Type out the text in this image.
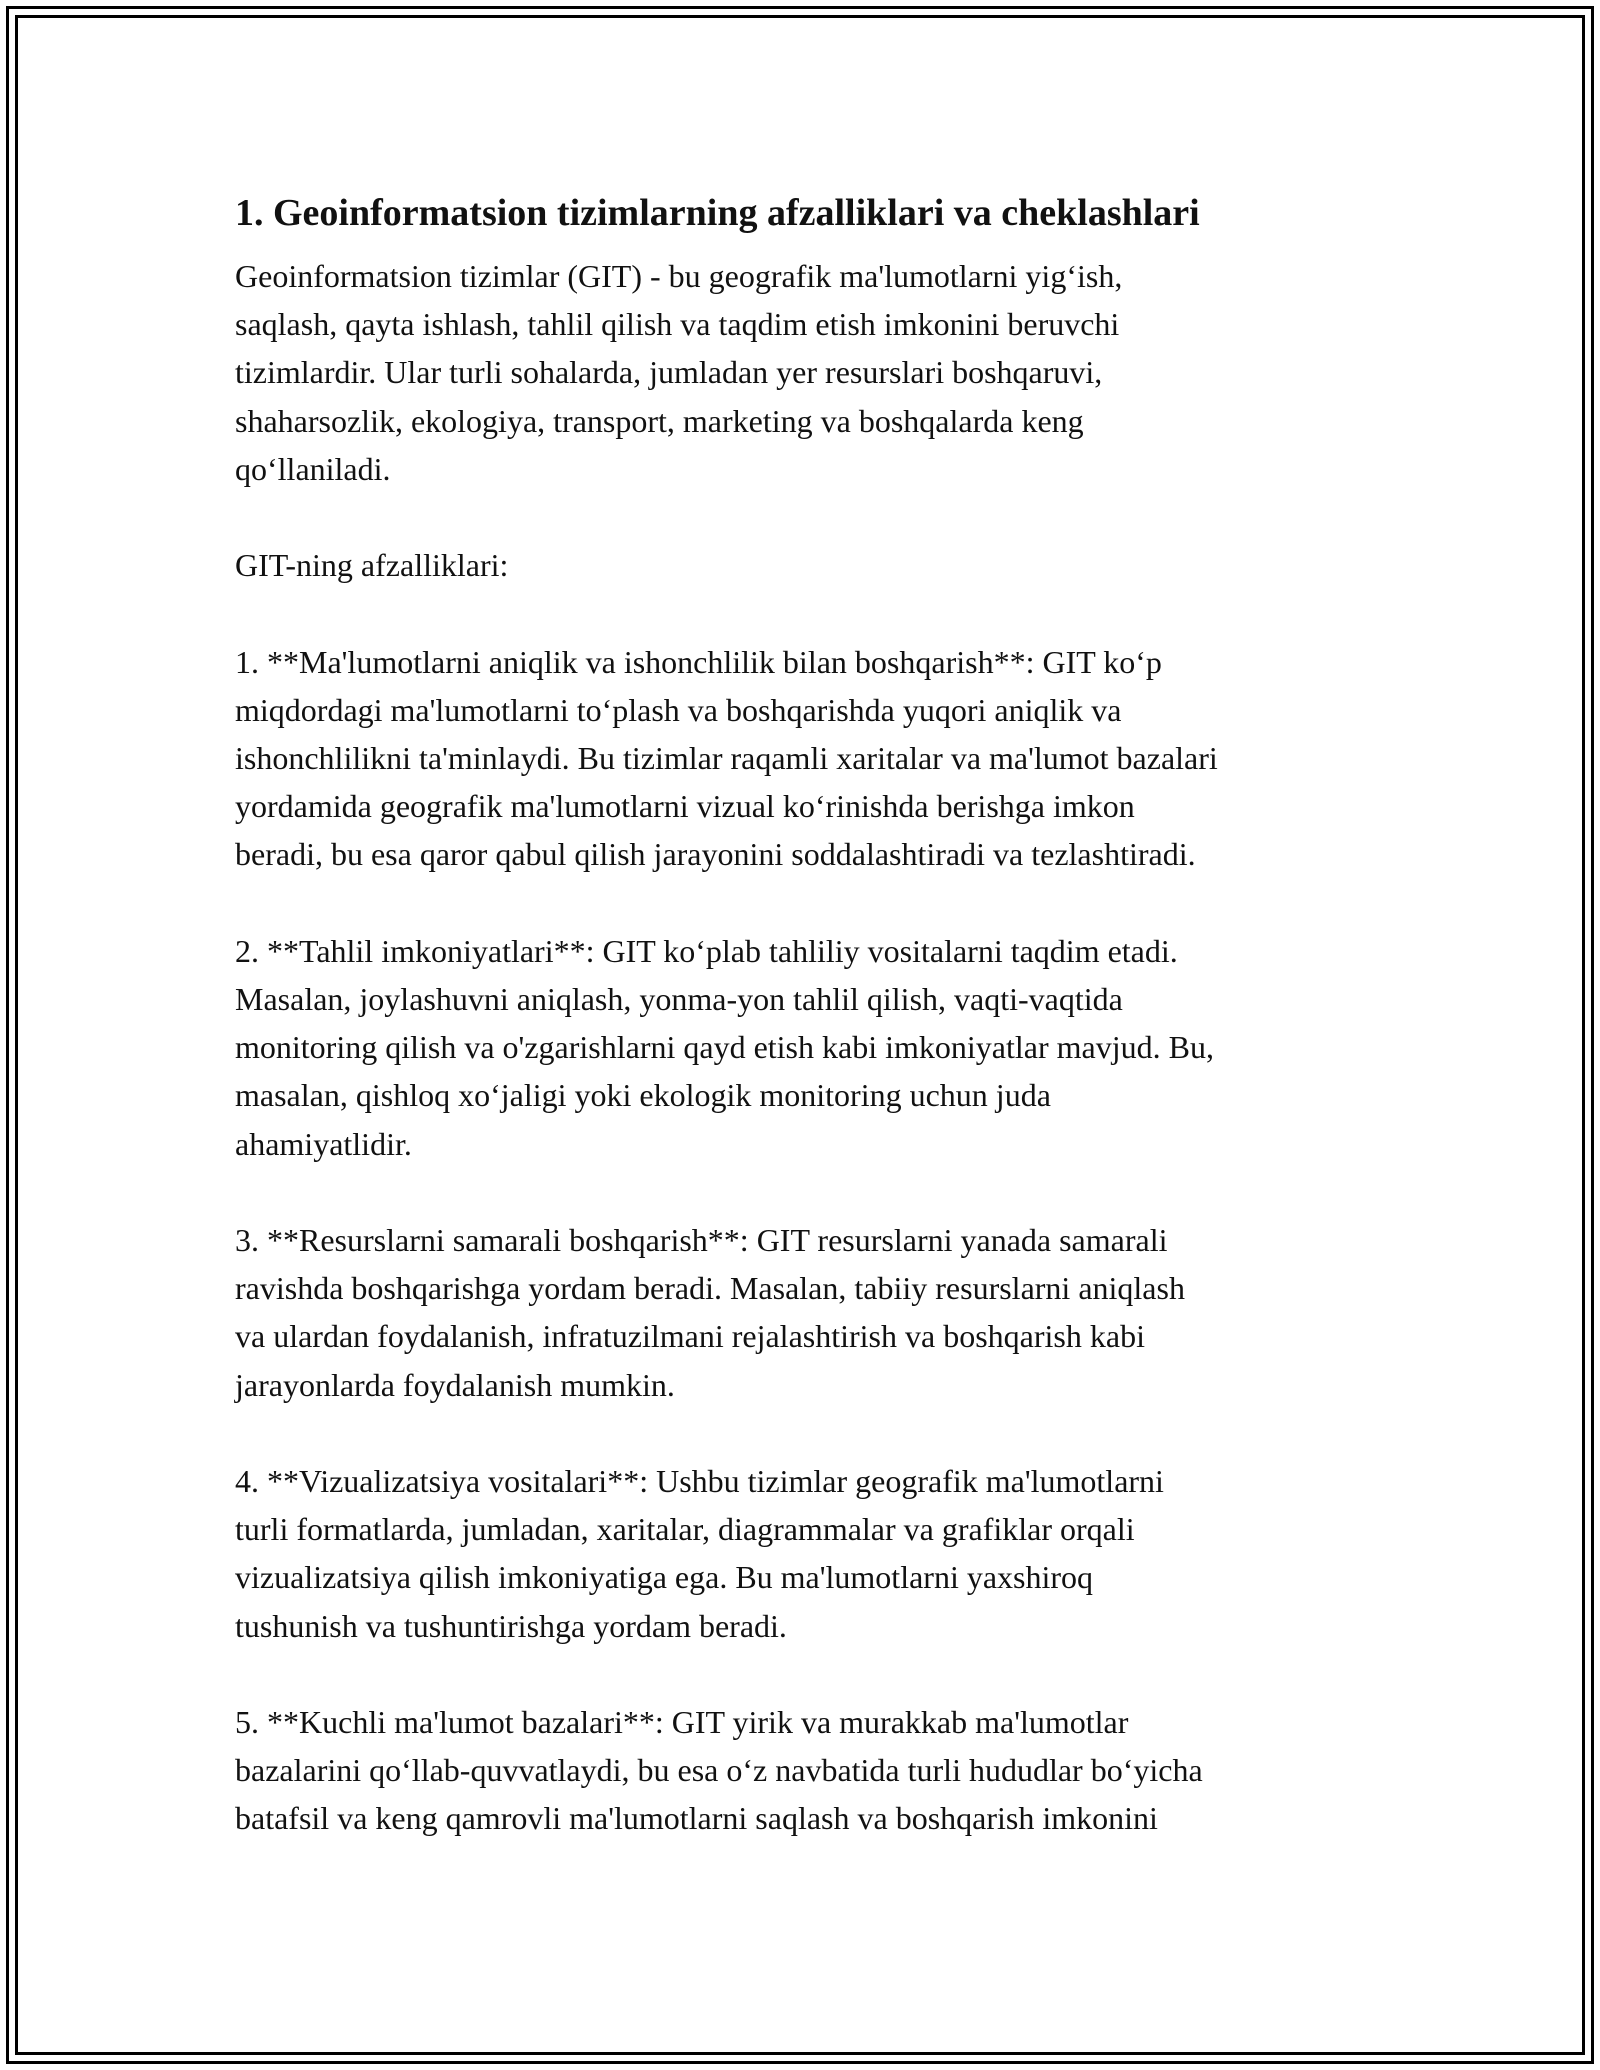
1. Geoinformatsion tizimlarning afzalliklari va cheklashlari

Geoinformatsion tizimlar (GIT) - bu geografik ma'lumotlarni yig‘ish,
saqlash, qayta ishlash, tahlil qilish va taqdim etish imkonini beruvchi
tizimlardir. Ular turli sohalarda, jumladan yer resurslari boshqaruvi,
shaharsozlik, ekologiya, transport, marketing va boshqalarda keng
qo‘llaniladi.

GIT-ning afzalliklari:

1. **Ma'lumotlarni aniqlik va ishonchlilik bilan boshqarish**: GIT ko‘p
miqdordagi ma'lumotlarni to‘plash va boshqarishda yuqori aniqlik va
ishonchlilikni ta'minlaydi. Bu tizimlar raqamli xaritalar va ma'lumot bazalari
yordamida geografik ma'lumotlarni vizual ko‘rinishda berishga imkon
beradi, bu esa qaror qabul qilish jarayonini soddalashtiradi va tezlashtiradi.

2. **Tahlil imkoniyatlari**: GIT ko‘plab tahliliy vositalarni taqdim etadi.
Masalan, joylashuvni aniqlash, yonma-yon tahlil qilish, vaqti-vaqtida
monitoring qilish va o'zgarishlarni qayd etish kabi imkoniyatlar mavjud. Bu,
masalan, qishloq xo‘jaligi yoki ekologik monitoring uchun juda
ahamiyatlidir.

3. **Resurslarni samarali boshqarish**: GIT resurslarni yanada samarali
ravishda boshqarishga yordam beradi. Masalan, tabiiy resurslarni aniqlash
va ulardan foydalanish, infratuzilmani rejalashtirish va boshqarish kabi
jarayonlarda foydalanish mumkin.

4. **Vizualizatsiya vositalari**: Ushbu tizimlar geografik ma'lumotlarni
turli formatlarda, jumladan, xaritalar, diagrammalar va grafiklar orqali
vizualizatsiya qilish imkoniyatiga ega. Bu ma'lumotlarni yaxshiroq
tushunish va tushuntirishga yordam beradi.

5. **Kuchli ma'lumot bazalari**: GIT yirik va murakkab ma'lumotlar
bazalarini qo‘llab-quvvatlaydi, bu esa o‘z navbatida turli hududlar bo‘yicha
batafsil va keng qamrovli ma'lumotlarni saqlash va boshqarish imkonini
